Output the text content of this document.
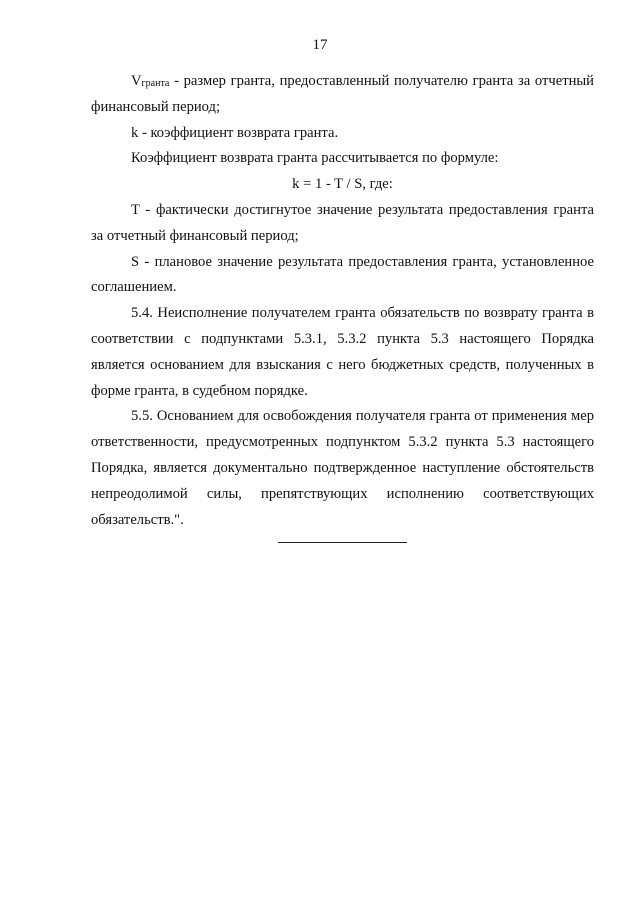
17

Vгранта - размер гранта, предоставленный получателю гранта за отчетный финансовый период;

k - коэффициент возврата гранта.

Коэффициент возврата гранта рассчитывается по формуле:

k = 1 - T / S, где:

T - фактически достигнутое значение результата предоставления гранта за отчетный финансовый период;

S - плановое значение результата предоставления гранта, установленное соглашением.

5.4. Неисполнение получателем гранта обязательств по возврату гранта в соответствии с подпунктами 5.3.1, 5.3.2 пункта 5.3 настоящего Порядка является основанием для взыскания с него бюджетных средств, полученных в форме гранта, в судебном порядке.

5.5. Основанием для освобождения получателя гранта от применения мер ответственности, предусмотренных подпунктом 5.3.2 пункта 5.3 настоящего Порядка, является документально подтвержденное наступление обстоятельств непреодолимой силы, препятствующих исполнению соответствующих обязательств.".
